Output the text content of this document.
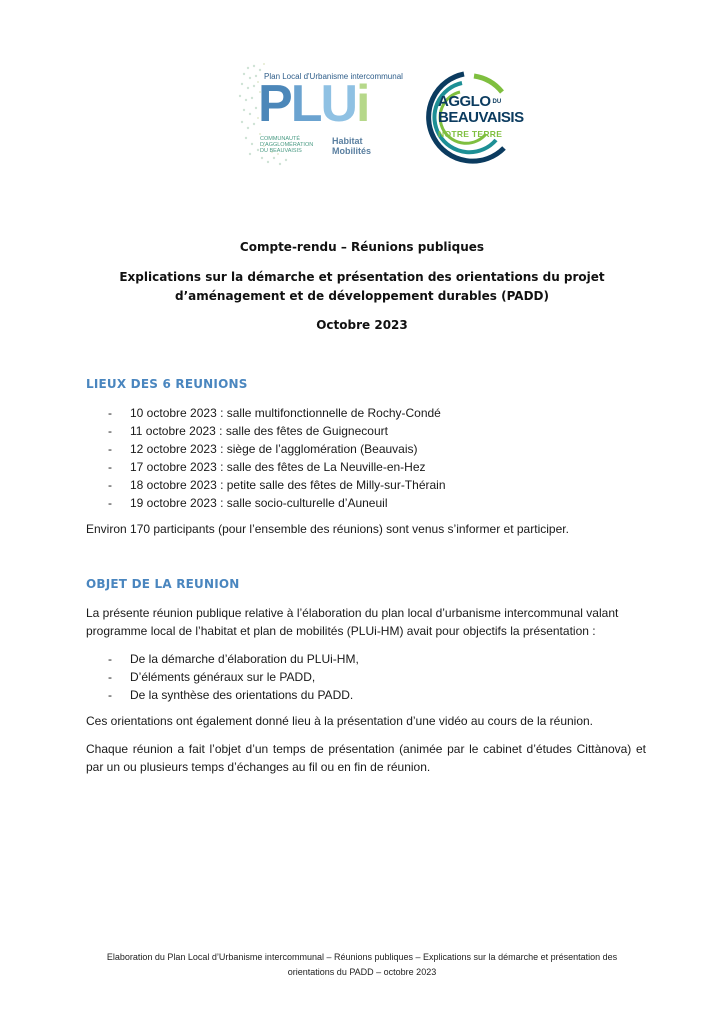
Plan Local d'Urbanisme intercommunal
PLUi
COMMUNAUTÉ D'AGGLOMÉRATION DU BEAUVAISIS
Habitat
Mobilités
AGGLO $^{DU}$
BEAUVAISIS
NOTRE TERRE
Compte-rendu – Réunions publiques
Explications sur la démarche et présentation des orientations du projet
d’aménagement et de développement durables (PADD)
Octobre 2023
LIEUX DES 6 REUNIONS
- 10 octobre 2023 : salle multifonctionnelle de Rochy-Condé
- 11 octobre 2023 : salle des fêtes de Guignecourt
- 12 octobre 2023 : siège de l’agglomération (Beauvais)
- 17 octobre 2023 : salle des fêtes de La Neuville-en-Hez
- 18 octobre 2023 : petite salle des fêtes de Milly-sur-Thérain
- 19 octobre 2023 : salle socio-culturelle d’Auneuil

Environ 170 participants (pour l’ensemble des réunions) sont venus s’informer et participer.

OBJET DE LA REUNION

La présente réunion publique relative à l’élaboration du plan local d’urbanisme intercommunal valant programme local de l’habitat et plan de mobilités (PLUi-HM) avait pour objectifs la présentation :

- De la démarche d’élaboration du PLUi-HM,
- D’éléments généraux sur le PADD,
- De la synthèse des orientations du PADD.

Ces orientations ont également donné lieu à la présentation d’une vidéo au cours de la réunion.

Chaque réunion a fait l’objet d’un temps de présentation (animée par le cabinet d’études Cittànova) et par un ou plusieurs temps d’échanges au fil ou en fin de réunion.

Elaboration du Plan Local d’Urbanisme intercommunal – Réunions publiques – Explications sur la démarche et présentation des
orientations du PADD – octobre 2023
